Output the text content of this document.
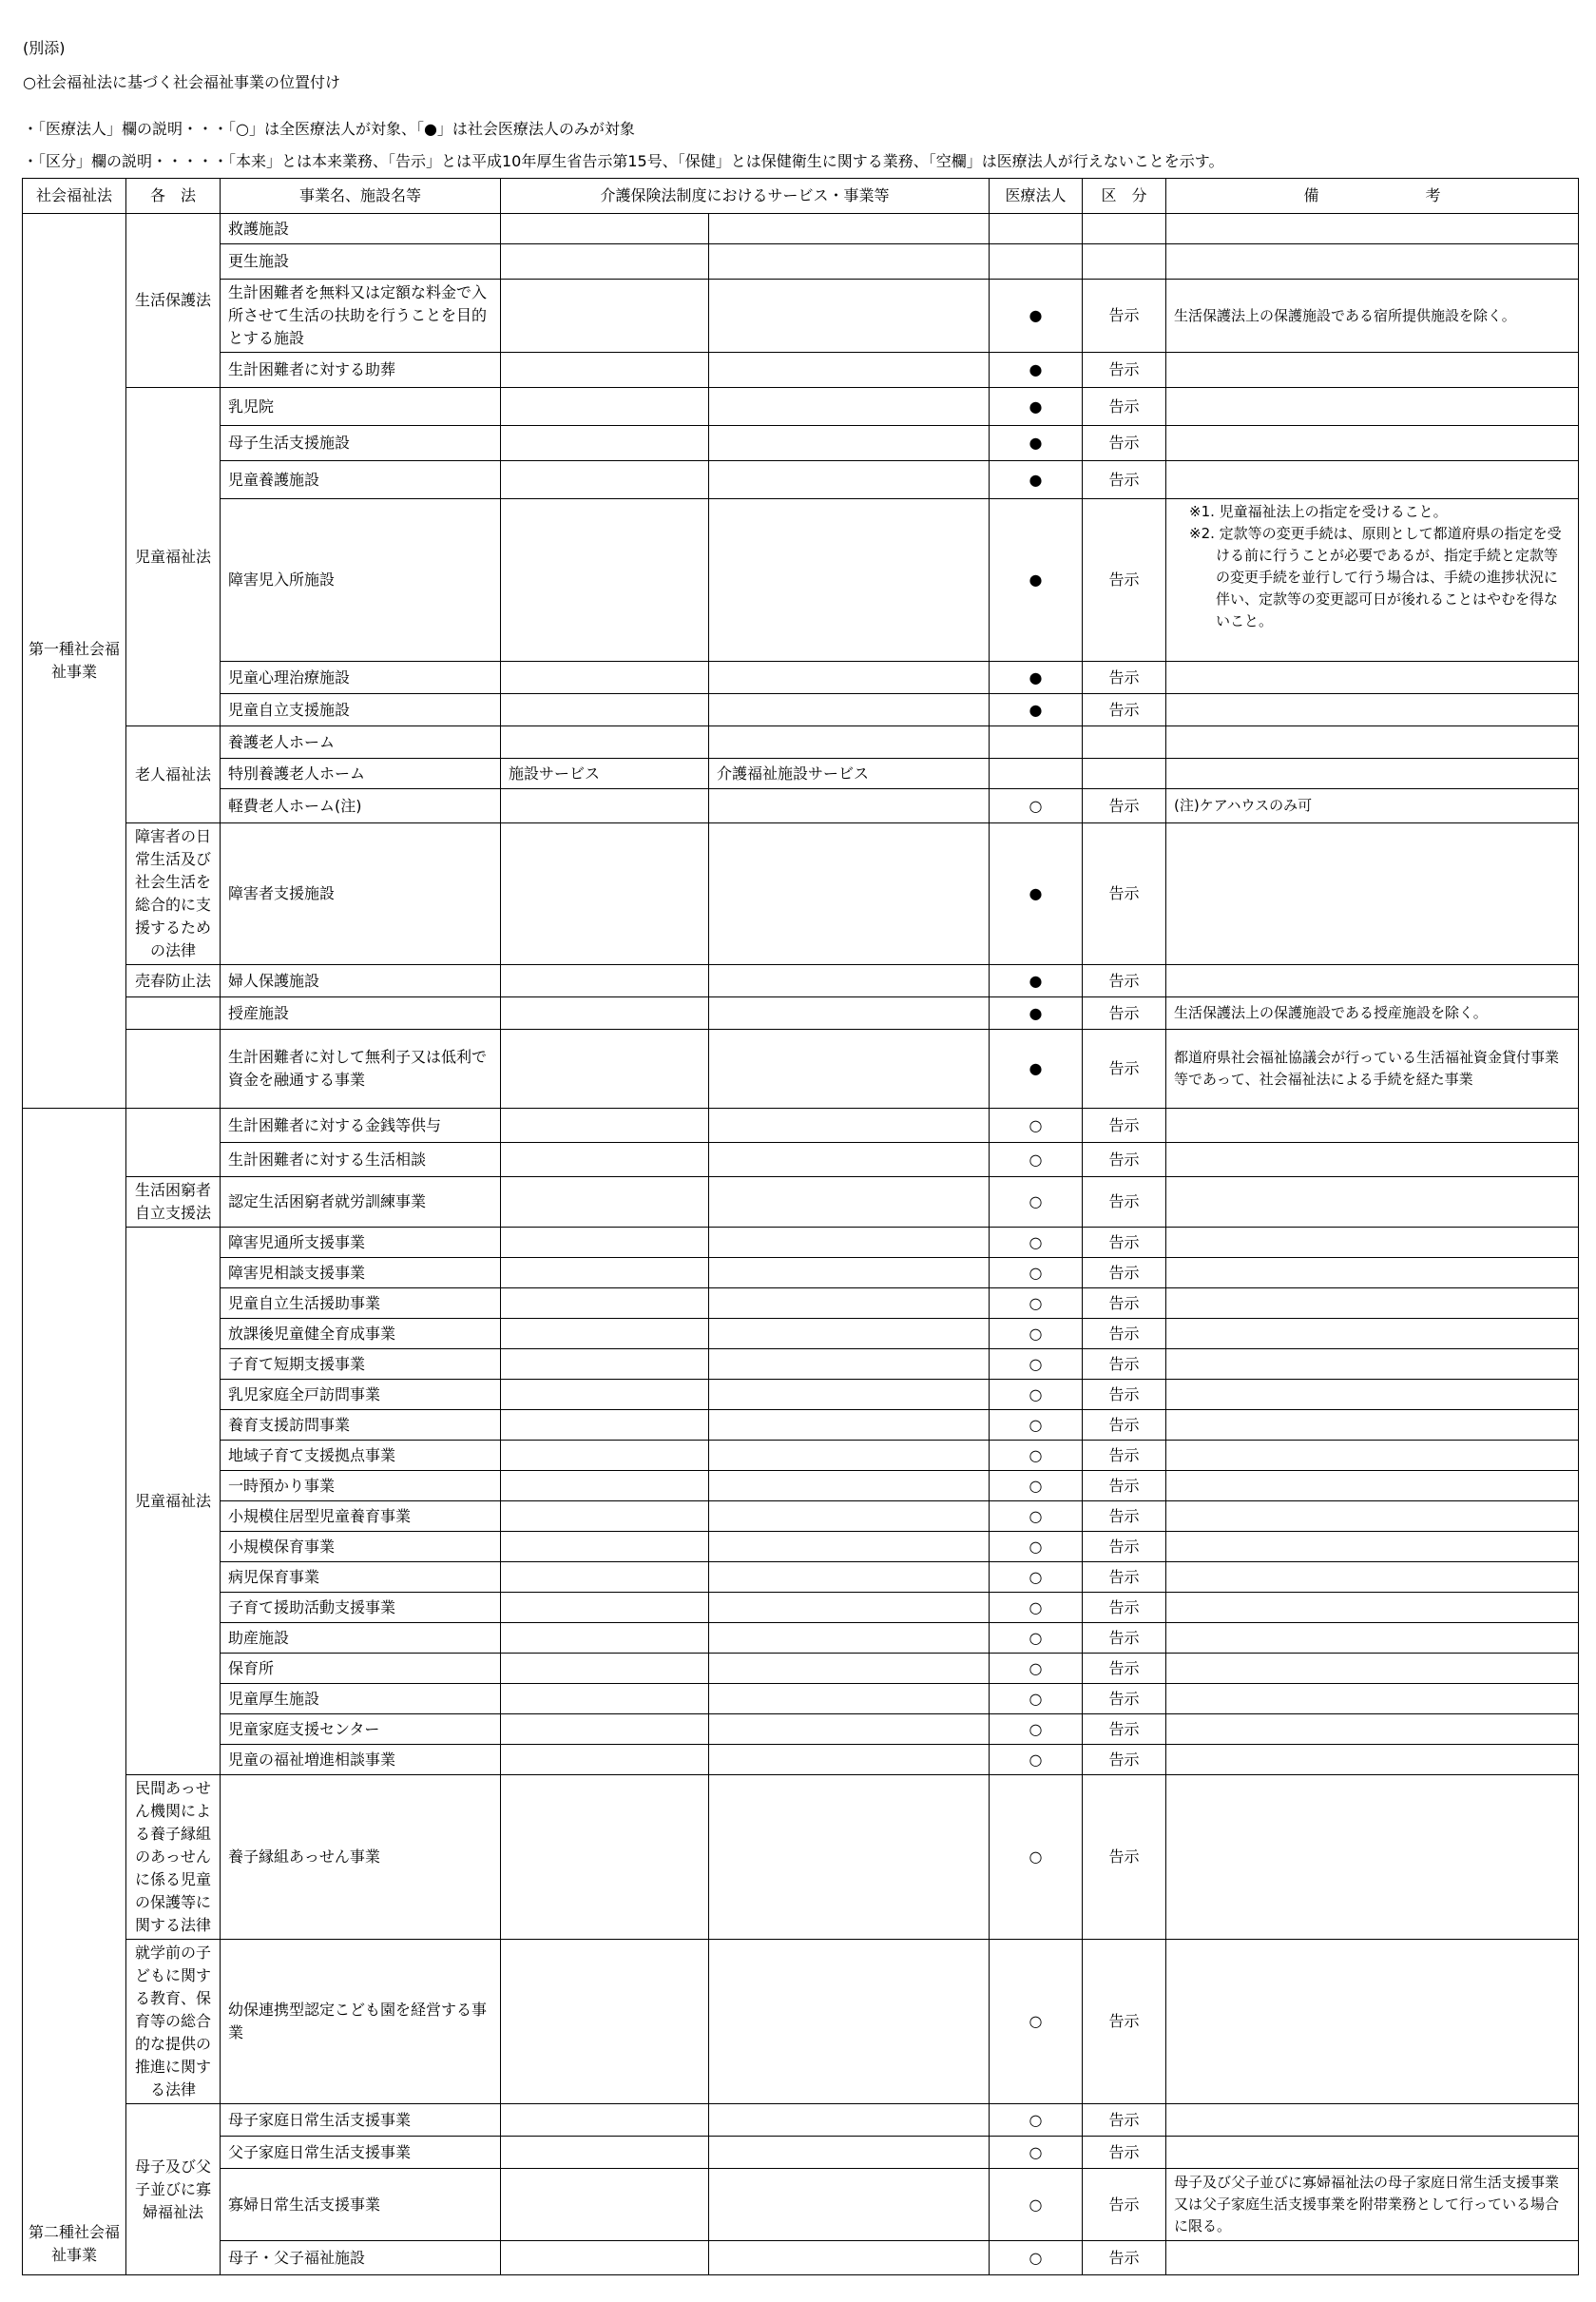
(別添)
○社会福祉法に基づく社会福祉事業の位置付け
・「医療法人」欄の説明・・・「○」は全医療法人が対象、「●」は社会医療法人のみが対象
・「区分」欄の説明・・・・・「本来」とは本来業務、「告示」とは平成10年厚生省告示第15号、「保健」とは保健衛生に関する業務、「空欄」は医療法人が行えないことを示す。
社会福祉法	各　法	事業名、施設名等	介護保険法制度におけるサービス・事業等		医療法人	区　分	備　　　　　　　考
第一種社会福祉事業	生活保護法	救護施設					
		更生施設					
		生計困難者を無料又は定額な料金で入所させて生活の扶助を行うことを目的とする施設			●	告示	生活保護法上の保護施設である宿所提供施設を除く。
		生計困難者に対する助葬			●	告示	
	児童福祉法	乳児院			●	告示	
		母子生活支援施設			●	告示	
		児童養護施設			●	告示	
		障害児入所施設			●	告示	※1. 児童福祉法上の指定を受けること。
※2. 定款等の変更手続は、原則として都道府県の指定を受ける前に行うことが必要であるが、指定手続と定款等の変更手続を並行して行う場合は、手続の進捗状況に伴い、定款等の変更認可日が後れることはやむを得ないこと。

		児童心理治療施設			●	告示	
		児童自立支援施設			●	告示	
	老人福祉法	養護老人ホーム					
		特別養護老人ホーム	施設サービス	介護福祉施設サービス			
		軽費老人ホーム(注)			○	告示	(注)ケアハウスのみ可
	障害者の日常生活及び社会生活を総合的に支援するための法律	障害者支援施設			●	告示	
	売春防止法	婦人保護施設			●	告示	
		授産施設			●	告示	生活保護法上の保護施設である授産施設を除く。
		生計困難者に対して無利子又は低利で資金を融通する事業			●	告示	都道府県社会福祉協議会が行っている生活福祉資金貸付事業等であって、社会福祉法による手続を経た事業
第二種社会福祉事業		生計困難者に対する金銭等供与			○	告示	
		生計困難者に対する生活相談			○	告示	
	生活困窮者自立支援法	認定生活困窮者就労訓練事業			○	告示	
	児童福祉法	障害児通所支援事業			○	告示	
		障害児相談支援事業			○	告示	
		児童自立生活援助事業			○	告示	
		放課後児童健全育成事業			○	告示	
		子育て短期支援事業			○	告示	
		乳児家庭全戸訪問事業			○	告示	
		養育支援訪問事業			○	告示	
		地域子育て支援拠点事業			○	告示	
		一時預かり事業			○	告示	
		小規模住居型児童養育事業			○	告示	
		小規模保育事業			○	告示	
		病児保育事業			○	告示	
		子育て援助活動支援事業			○	告示	
		助産施設			○	告示	
		保育所			○	告示	
		児童厚生施設			○	告示	
		児童家庭支援センター			○	告示	
		児童の福祉増進相談事業			○	告示	
	民間あっせん機関による養子縁組のあっせんに係る児童の保護等に関する法律	養子縁組あっせん事業			○	告示	
	就学前の子どもに関する教育、保育等の総合的な提供の推進に関する法律	幼保連携型認定こども園を経営する事業			○	告示	
	母子及び父子並びに寡婦福祉法	母子家庭日常生活支援事業			○	告示	
		父子家庭日常生活支援事業			○	告示	
		寡婦日常生活支援事業			○	告示	母子及び父子並びに寡婦福祉法の母子家庭日常生活支援事業又は父子家庭生活支援事業を附帯業務として行っている場合に限る。
		母子・父子福祉施設			○	告示	
